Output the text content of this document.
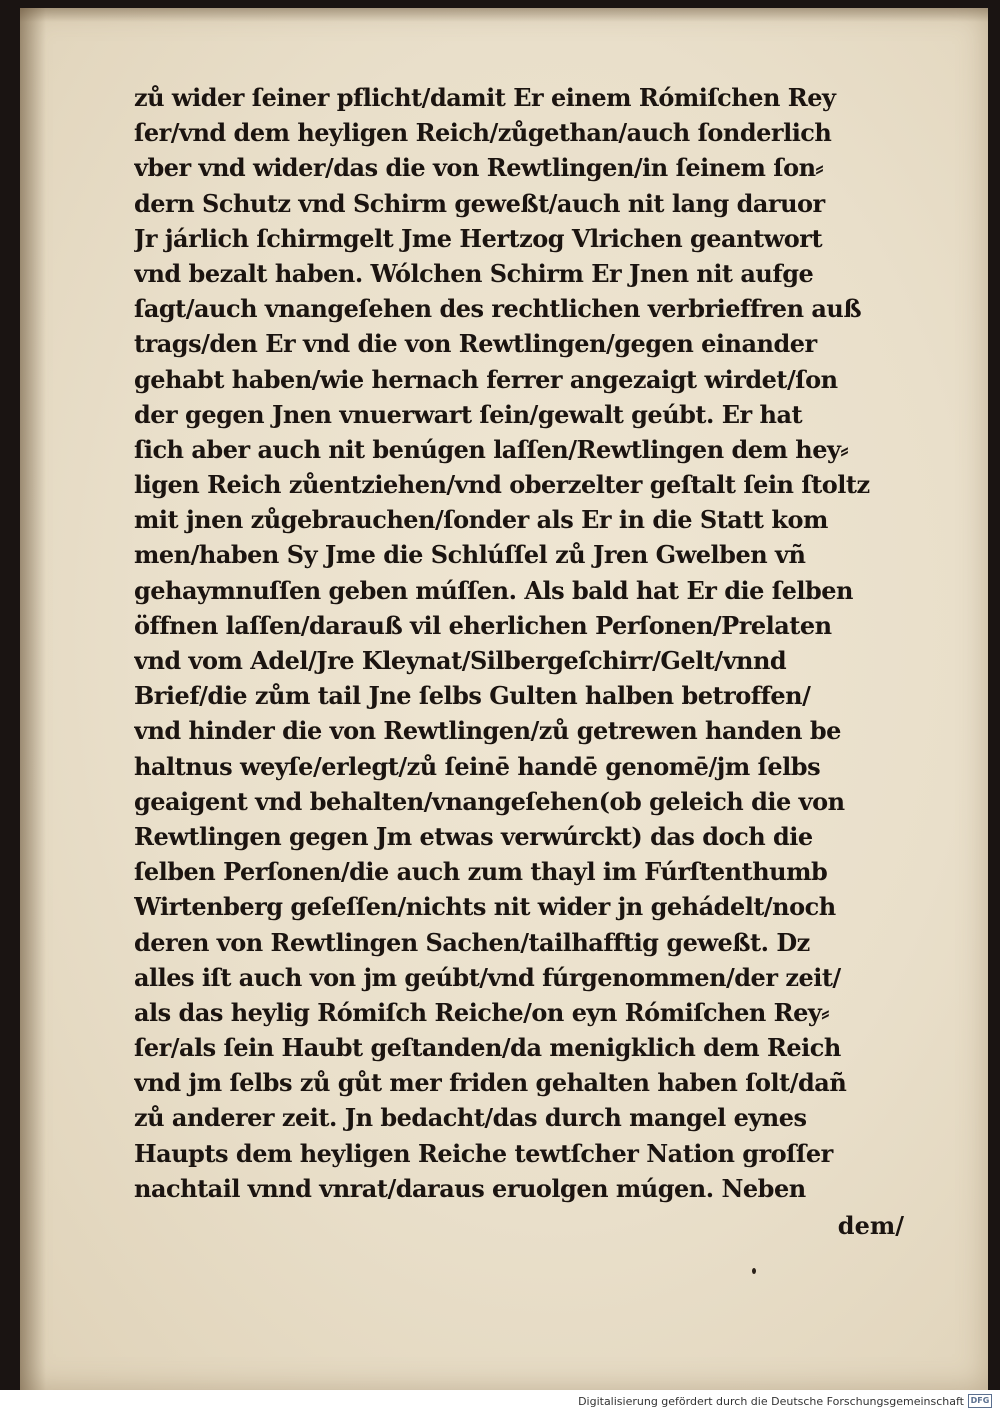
zů wider ſeiner pflicht/damit Er einem Rómiſchen Rey
ſer/vnd dem heyligen Reich/zůgethan/auch ſonderlich
vber vnd wider/das die von Rewtlingen/in ſeinem ſon⸗
dern Schutz vnd Schirm geweßt/auch nit lang daruor
Jr járlich ſchirmgelt Jme Hertzog Vlrichen geantwort
vnd bezalt haben. Wólchen Schirm Er Jnen nit aufge
ſagt/auch vnangeſehen des rechtlichen verbrieffren auß
trags/den Er vnd die von Rewtlingen/gegen einander
gehabt haben/wie hernach ferrer angezaigt wirdet/ſon
der gegen Jnen vnuerwart ſein/gewalt geúbt. Er hat
ſich aber auch nit benúgen laſſen/Rewtlingen dem hey⸗
ligen Reich zůentziehen/vnd oberzelter geſtalt ſein ſtoltz
mit jnen zůgebrauchen/ſonder als Er in die Statt kom
men/haben Sy Jme die Schlúſſel zů Jren Gwelben vñ
gehaymnuſſen geben múſſen. Als bald hat Er die ſelben
öffnen laſſen/darauß vil eherlichen Perſonen/Prelaten
vnd vom Adel/Jre Kleynat/Silbergeſchirr/Gelt/vnnd
Brief/die zům tail Jne ſelbs Gulten halben betroffen/
vnd hinder die von Rewtlingen/zů getrewen handen be
haltnus weyſe/erlegt/zů ſeinē handē genomē/jm ſelbs
geaigent vnd behalten/vnangeſehen(ob geleich die von
Rewtlingen gegen Jm etwas verwúrckt) das doch die
ſelben Perſonen/die auch zum thayl im Fúrſtenthumb
Wirtenberg geſeſſen/nichts nit wider jn gehádelt/noch
deren von Rewtlingen Sachen/tailhafftig geweßt. Dz
alles iſt auch von jm geúbt/vnd fúrgenommen/der zeit/
als das heylig Rómiſch Reiche/on eyn Rómiſchen Rey⸗
ſer/als ſein Haubt geſtanden/da menigklich dem Reich
vnd jm ſelbs zů gůt mer friden gehalten haben ſolt/dañ
zů anderer zeit. Jn bedacht/das durch mangel eynes
Haupts dem heyligen Reiche tewtſcher Nation groſſer
nachtail vnnd vnrat/daraus eruolgen múgen. Neben
dem/
Digitalisierung gefördert durch die Deutsche Forschungsgemeinschaft DFG
